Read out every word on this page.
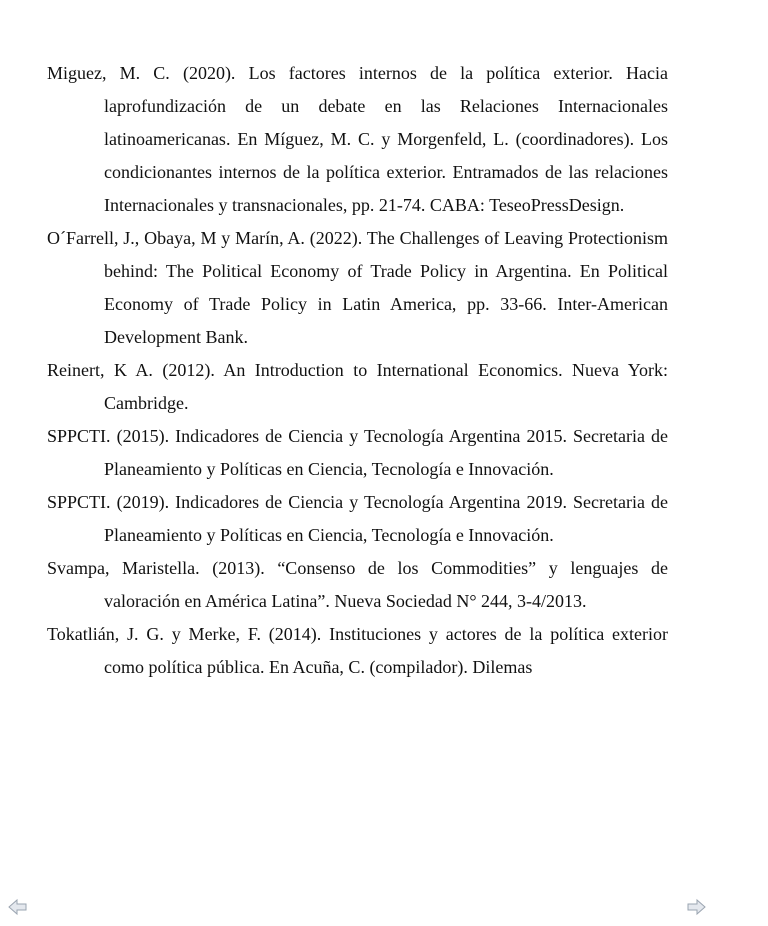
Miguez, M. C. (2020). Los factores internos de la política exterior. Hacia laprofundización de un debate en las Relaciones Internacionales latinoamericanas. En Míguez, M. C. y Morgenfeld, L. (coordinadores). Los condicionantes internos de la política exterior. Entramados de las relaciones Internacionales y transnacionales, pp. 21-74. CABA: TeseoPressDesign.

O´Farrell, J., Obaya, M y Marín, A. (2022). The Challenges of Leaving Protectionism behind: The Political Economy of Trade Policy in Argentina. En Political Economy of Trade Policy in Latin America, pp. 33-66. Inter-American Development Bank.

Reinert, K A. (2012). An Introduction to International Economics. Nueva York: Cambridge.

SPPCTI. (2015). Indicadores de Ciencia y Tecnología Argentina 2015. Secretaria de Planeamiento y Políticas en Ciencia, Tecnología e Innovación.

SPPCTI. (2019). Indicadores de Ciencia y Tecnología Argentina 2019. Secretaria de Planeamiento y Políticas en Ciencia, Tecnología e Innovación.

Svampa, Maristella. (2013). “Consenso de los Commodities” y lenguajes de valoración en América Latina”. Nueva Sociedad N° 244, 3-4/2013.

Tokatlián, J. G. y Merke, F. (2014). Instituciones y actores de la política exterior como política pública. En Acuña, C. (compilador). Dilemas
